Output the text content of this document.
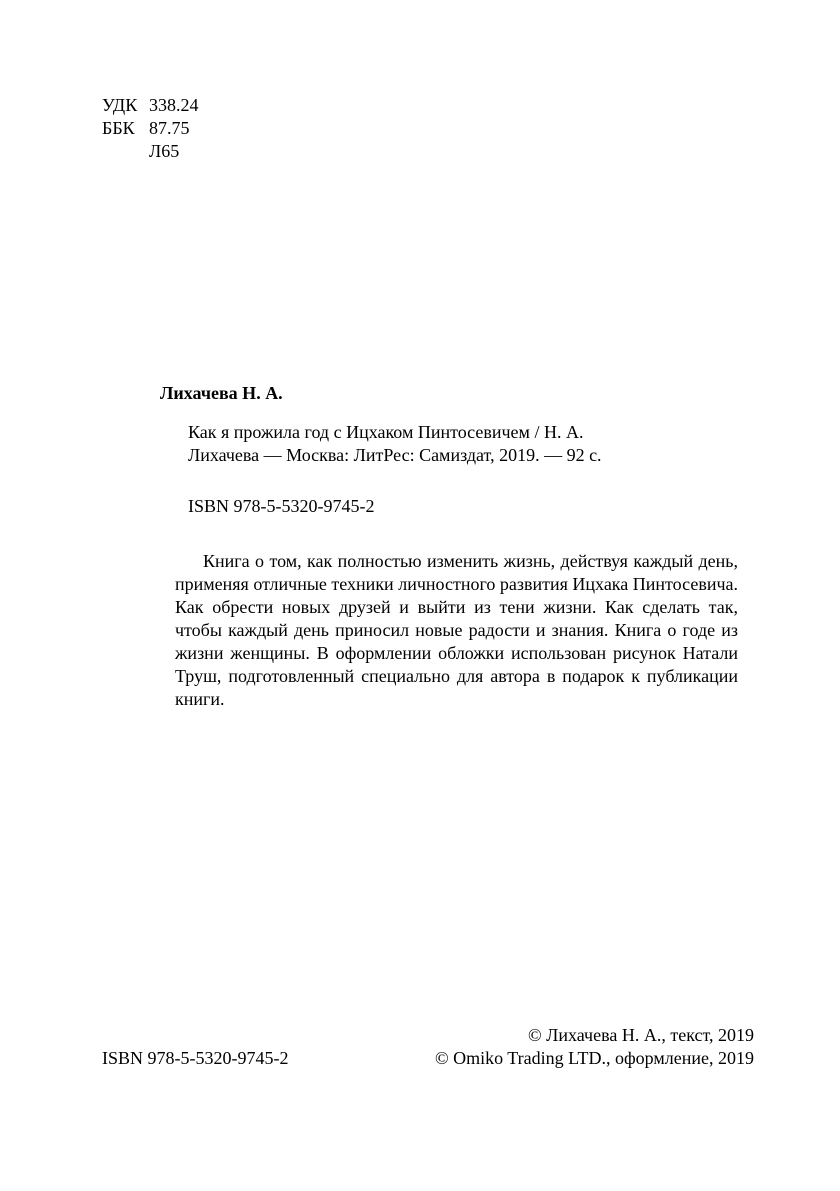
УДК 338.24
ББК 87.75
Л65
Лихачева Н. А.
Как я прожила год с Ицхаком Пинтосевичем / Н. А.
Лихачева — Москва: ЛитРес: Самиздат, 2019. — 92 с.
ISBN 978-5-5320-9745-2

Книга о том, как полностью изменить жизнь, действуя каждый день, применяя отличные техники личностного развития Ицхака Пинтосевича. Как обрести новых друзей и выйти из тени жизни. Как сделать так, чтобы каждый день приносил новые радости и знания. Книга о годе из жизни женщины. В оформлении обложки использован рисунок Натали Труш, подготовленный специально для автора в подарок к публикации книги.

ISBN 978-5-5320-9745-2
© Лихачева Н. А., текст, 2019
© Omiko Trading LTD., оформление, 2019
